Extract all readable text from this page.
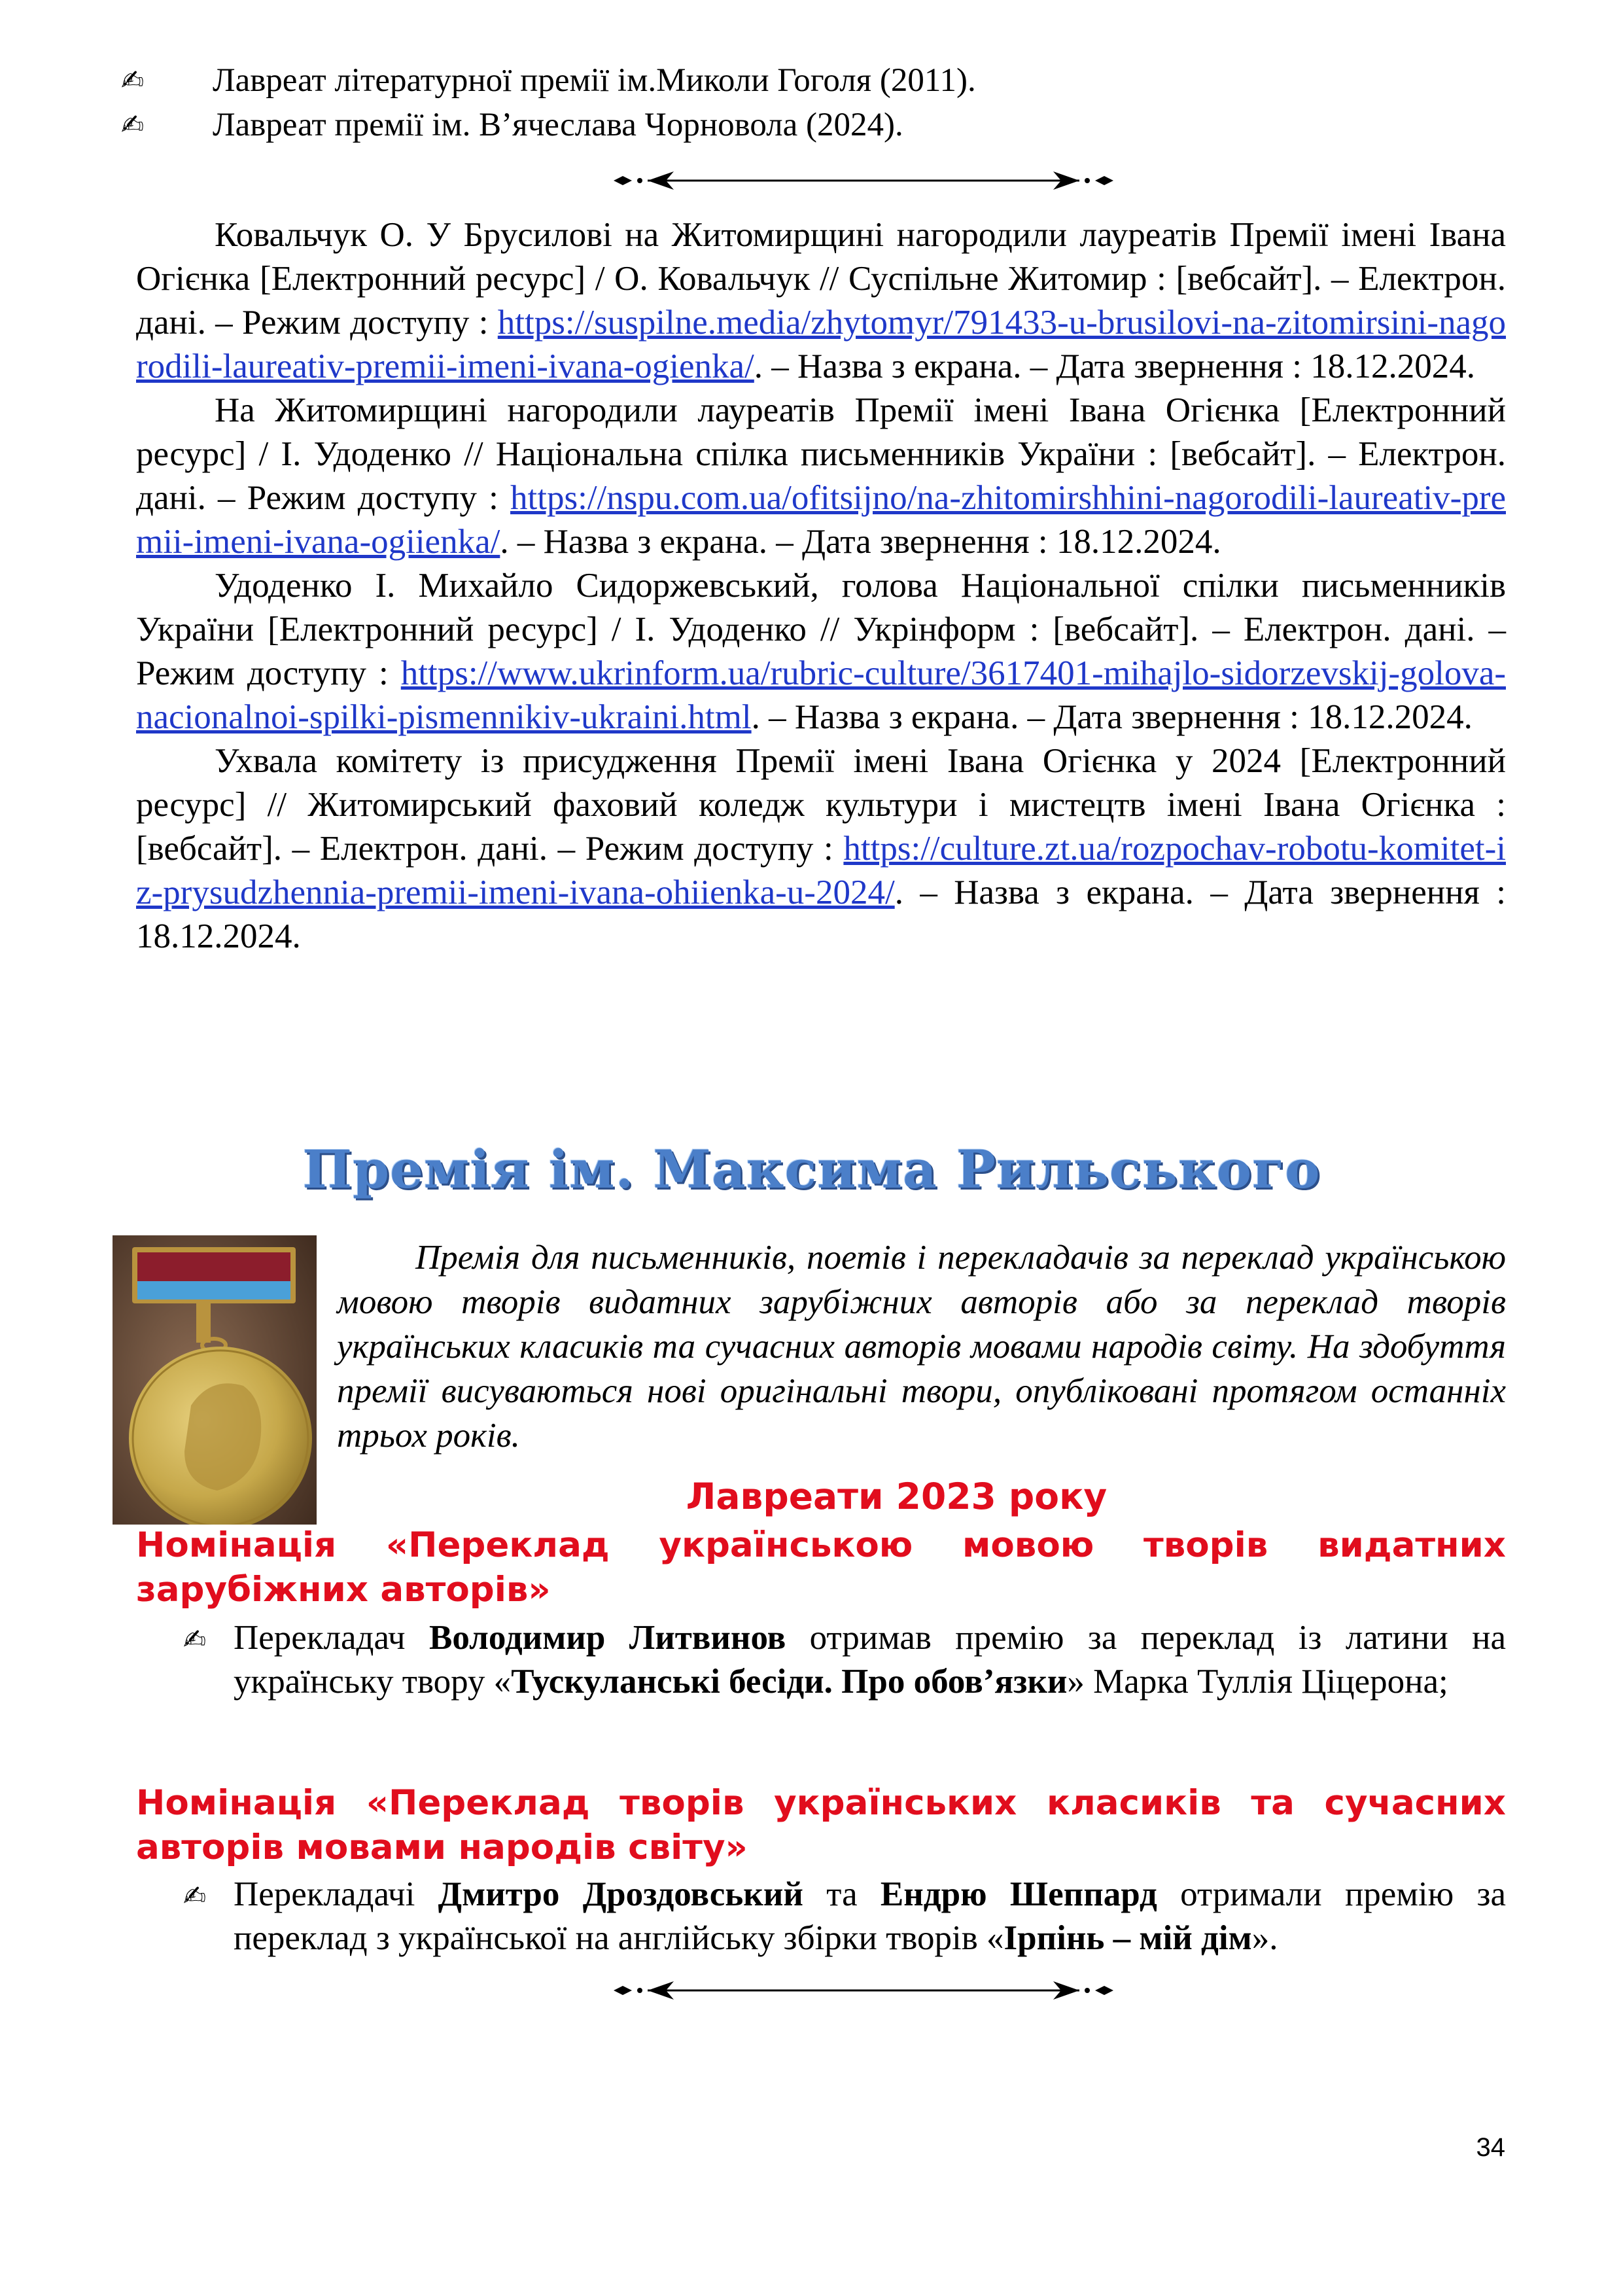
✍ Лавреат літературної премії ім.Миколи Гоголя (2011).
✍ Лавреат премії ім. В’ячеслава Чорновола (2024).

Ковальчук О. У Брусилові на Житомирщині нагородили лауреатів Премії імені Івана Огієнка [Електронний ресурс] / О. Ковальчук // Суспільне Житомир : [вебсайт]. – Електрон. дані. – Режим доступу : https://suspilne.media/zhytomyr/791433-u-brusilovi-na-zitomirsini-nagorodili-laureativ-premii-imeni-ivana-ogienka/. – Назва з екрана. – Дата звернення : 18.12.2024.

На Житомирщині нагородили лауреатів Премії імені Івана Огієнка [Електронний ресурс] / І. Удоденко // Національна спілка письменників України : [вебсайт]. – Електрон. дані. – Режим доступу : https://nspu.com.ua/ofitsijno/na-zhitomirshhini-nagorodili-laureativ-premii-imeni-ivana-ogiienka/. – Назва з екрана. – Дата звернення : 18.12.2024.

Удоденко І. Михайло Сидоржевський, голова Національної спілки письменників України [Електронний ресурс] / І. Удоденко // Укрінформ : [вебсайт]. – Електрон. дані. – Режим доступу : https://www.ukrinform.ua/rubric-culture/3617401-mihajlo-sidorzevskij-golova-nacionalnoi-spilki-pismennikiv-ukraini.html. – Назва з екрана. – Дата звернення : 18.12.2024.

Ухвала комітету із присудження Премії імені Івана Огієнка у 2024 [Електронний ресурс] // Житомирський фаховий коледж культури і мистецтв імені Івана Огієнка : [вебсайт]. – Електрон. дані. – Режим доступу : https://culture.zt.ua/rozpochav-robotu-komitet-iz-prysudzhennia-premii-imeni-ivana-ohiienka-u-2024/. – Назва з екрана. – Дата звернення : 18.12.2024.

Премія ім. Максима Рильського

Премія для письменників, поетів і перекладачів за переклад українською мовою творів видатних зарубіжних авторів або за переклад творів українських класиків та сучасних авторів мовами народів світу. На здобуття премії висуваються нові оригінальні твори, опубліковані протягом останніх трьох років.

Лавреати 2023 року
Номінація «Переклад українською мовою творів видатних зарубіжних авторів»
✍ Перекладач Володимир Литвинов отримав премію за переклад із латини на українську твору «Тускуланські бесіди. Про обов’язки» Марка Туллія Ціцерона;
Номінація «Переклад творів українських класиків та сучасних авторів мовами народів світу»
✍ Перекладачі Дмитро Дроздовський та Ендрю Шеппард отримали премію за переклад з української на англійську збірки творів «Ірпінь – мій дім».
34
